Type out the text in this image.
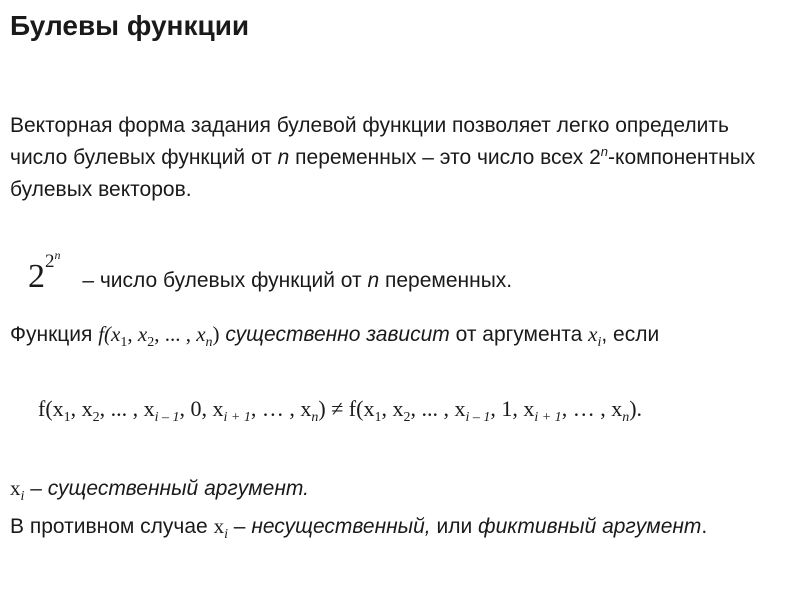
Булевы функции
Векторная форма задания булевой функции позволяет легко определить число булевых функций от n переменных – это число всех 2$^n$-компонентных булевых векторов.
22$^n$ – число булевых функций от n переменных.
Функция $f(x_1$, $x_2$, ... , $x_n$) существенно зависит от аргумента $x_i$, если
$f(x_1$, $x_2$, ... , $x_{i - 1}$, 0, $x_{i + 1}$, … , $x_n) \ne f(x_1$, $x_2$, ... , $x_{i - 1}$, 1, $x_{i + 1}$, … , $x_n$).
$x_i$ – существенный аргумент.
В противном случае $x_i$ – несущественный, или фиктивный аргумент.
